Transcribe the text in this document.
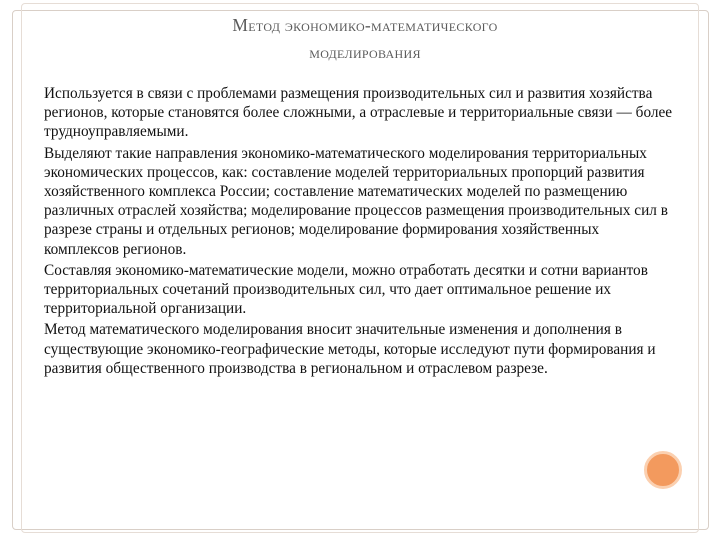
Метод экономико-математического
моделирования

Используется в связи с проблемами размещения производительных сил и развития хозяйства регионов, которые становятся более сложными, а отраслевые и территориальные связи — более трудноуправляемыми.

Выделяют такие направления экономико-математического моделирования территориальных экономических процессов, как: составление моделей территориальных пропорций развития хозяйственного комплекса России; составление математических моделей по размещению различных отраслей хозяйства; моделирование процессов размещения производительных сил в разрезе страны и отдельных регионов; моделирование формирования хозяйственных комплексов регионов.

Составляя экономико-математические модели, можно отработать десятки и сотни вариантов территориальных сочетаний производительных сил, что дает оптимальное решение их территориальной организации.

Метод математического моделирования вносит значительные изменения и дополнения в существующие экономико-географические методы, которые исследуют пути формирования и развития общественного производства в региональном и отраслевом разрезе.
